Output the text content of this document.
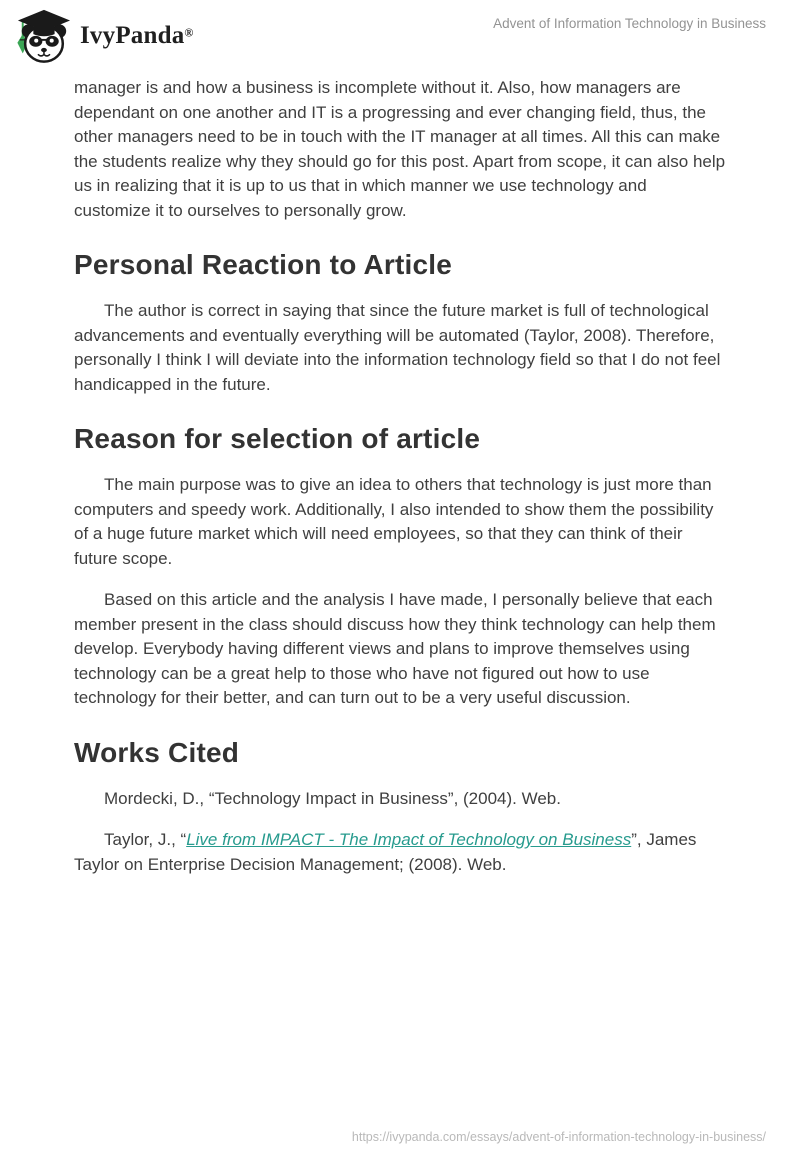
IvyPanda®
Advent of Information Technology in Business

manager is and how a business is incomplete without it. Also, how managers are dependant on one another and IT is a progressing and ever changing field, thus, the other managers need to be in touch with the IT manager at all times. All this can make the students realize why they should go for this post. Apart from scope, it can also help us in realizing that it is up to us that in which manner we use technology and customize it to ourselves to personally grow.

Personal Reaction to Article

The author is correct in saying that since the future market is full of technological advancements and eventually everything will be automated (Taylor, 2008). Therefore, personally I think I will deviate into the information technology field so that I do not feel handicapped in the future.

Reason for selection of article

The main purpose was to give an idea to others that technology is just more than computers and speedy work. Additionally, I also intended to show them the possibility of a huge future market which will need employees, so that they can think of their future scope.

Based on this article and the analysis I have made, I personally believe that each member present in the class should discuss how they think technology can help them develop. Everybody having different views and plans to improve themselves using technology can be a great help to those who have not figured out how to use technology for their better, and can turn out to be a very useful discussion.

Works Cited

Mordecki, D., “Technology Impact in Business”, (2004). Web.

Taylor, J., “Live from IMPACT - The Impact of Technology on Business”, James Taylor on Enterprise Decision Management; (2008). Web.

https://ivypanda.com/essays/advent-of-information-technology-in-business/
